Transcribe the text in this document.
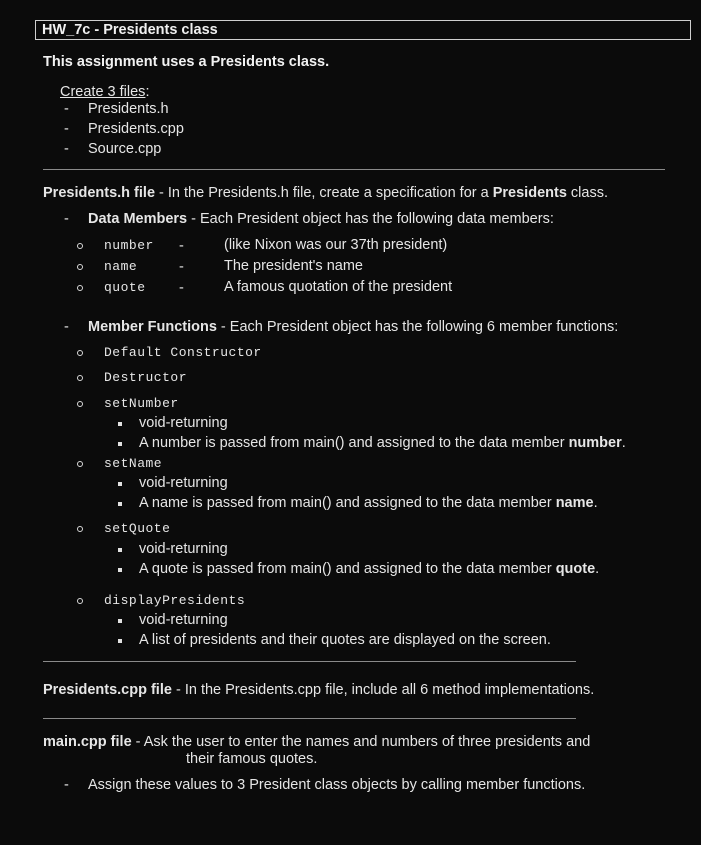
HW_7c - Presidents class
This assignment uses a Presidents class.
Create 3 files:
- Presidents.h
- Presidents.cpp
- Source.cpp
Presidents.h file - In the Presidents.h file, create a specification for a Presidents class.
- Data Members - Each President object has the following data members:
number -	(like Nixon was our 37th president)
name	-	The president's name
quote -	A famous quotation of the president
- Member Functions - Each President object has the following 6 member functions:
Default Constructor
Destructor
setNumber
void-returning
A number is passed from main() and assigned to the data member number.
setName
void-returning
A name is passed from main() and assigned to the data member name.
setQuote
void-returning
A quote is passed from main() and assigned to the data member quote.
displayPresidents
void-returning
A list of presidents and their quotes are displayed on the screen.
Presidents.cpp file - In the Presidents.cpp file, include all 6 method implementations.
main.cpp file - Ask the user to enter the names and numbers of three presidents and
their famous quotes.
- Assign these values to 3 President class objects by calling member functions.
